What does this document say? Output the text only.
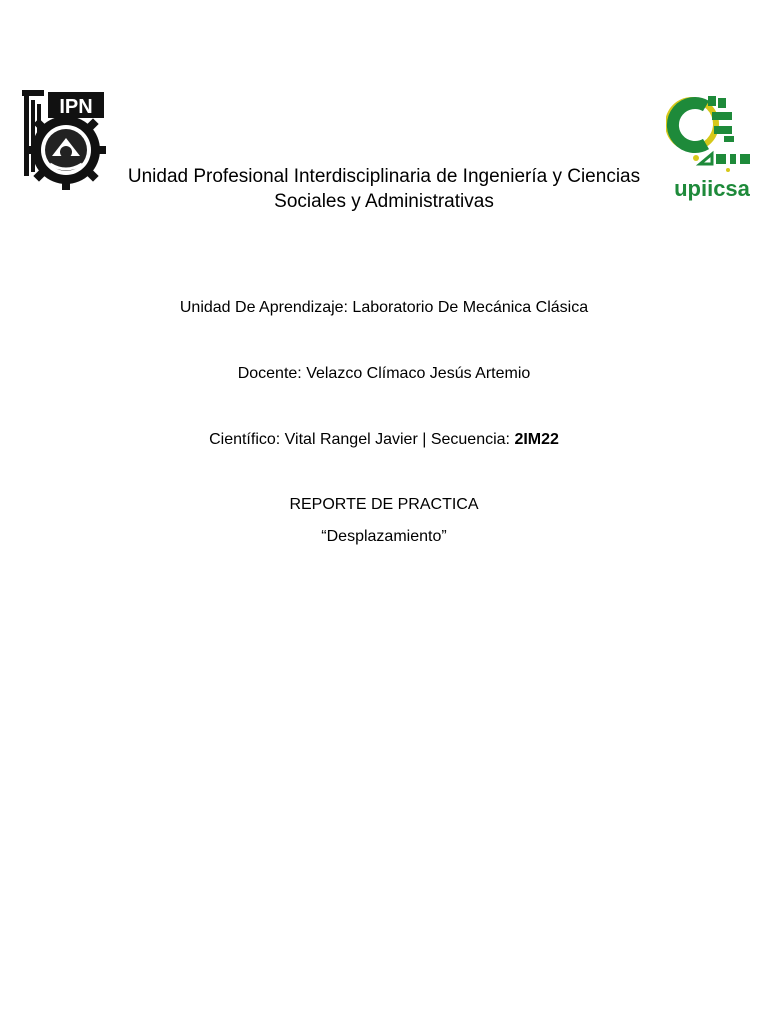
IPN
upiicsa
Unidad Profesional Interdisciplinaria de Ingeniería y Ciencias
Sociales y Administrativas
Unidad De Aprendizaje: Laboratorio De Mecánica Clásica
Docente: Velazco Clímaco Jesús Artemio
Científico: Vital Rangel Javier | Secuencia: 2IM22
REPORTE DE PRACTICA
“Desplazamiento”
